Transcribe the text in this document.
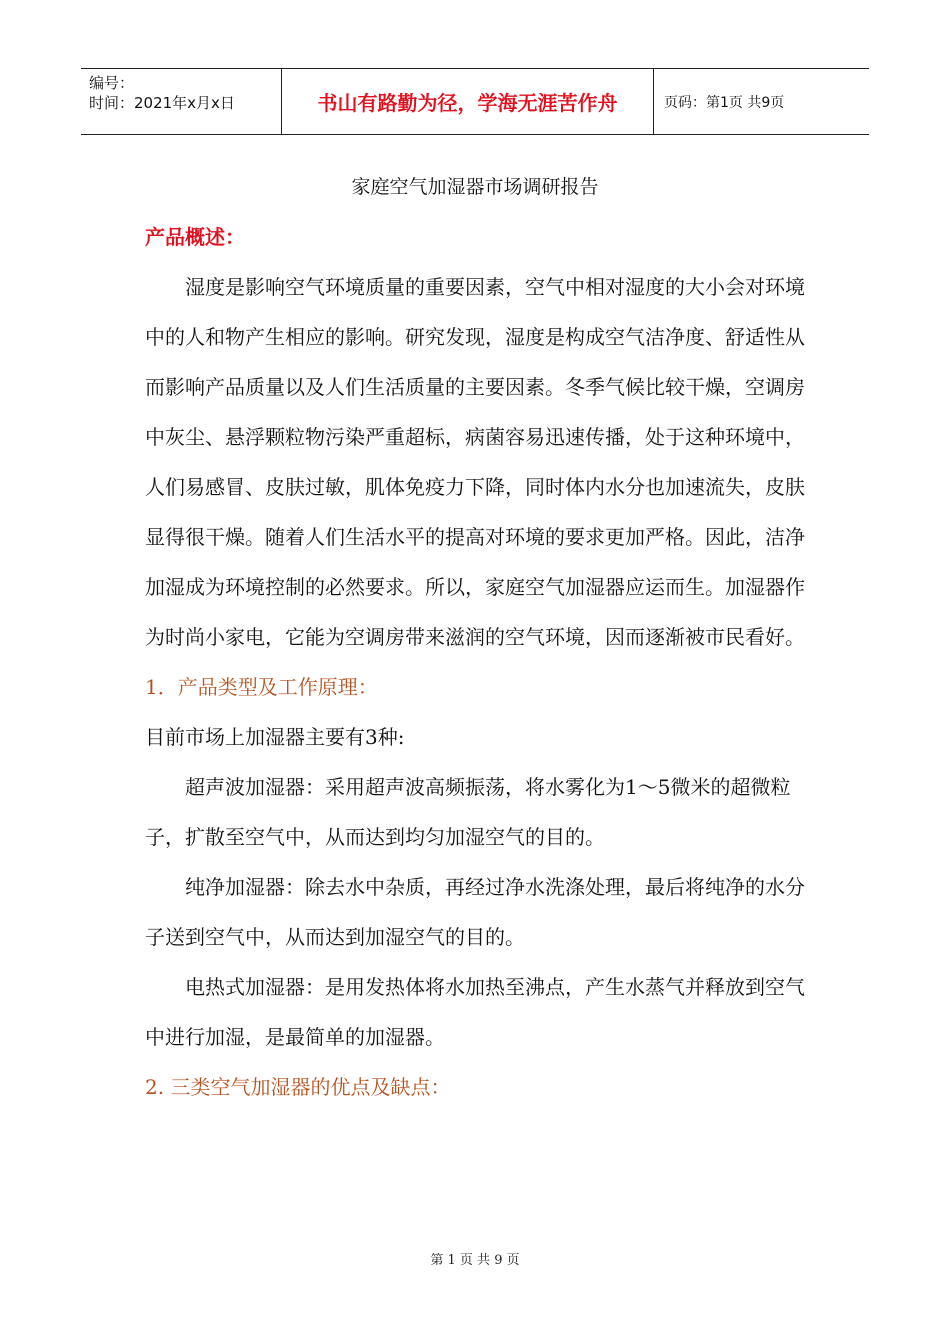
编号：
时间：2021年x月x日	书山有路勤为径，学海无涯苦作舟	页码：第1页 共9页
家庭空气加湿器市场调研报告
产品概述：

湿度是影响空气环境质量的重要因素，空气中相对湿度的大小会对环境中的人和物产生相应的影响。研究发现，湿度是构成空气洁净度、舒适性从而影响产品质量以及人们生活质量的主要因素。冬季气候比较干燥，空调房中灰尘、悬浮颗粒物污染严重超标，病菌容易迅速传播，处于这种环境中，人们易感冒、皮肤过敏，肌体免疫力下降，同时体内水分也加速流失，皮肤显得很干燥。随着人们生活水平的提高对环境的要求更加严格。因此，洁净加湿成为环境控制的必然要求。所以，家庭空气加湿器应运而生。加湿器作为时尚小家电，它能为空调房带来滋润的空气环境，因而逐渐被市民看好。

1．产品类型及工作原理：

目前市场上加湿器主要有3种:

超声波加湿器：采用超声波高频振荡，将水雾化为1～5微米的超微粒子，扩散至空气中，从而达到均匀加湿空气的目的。

纯净加湿器：除去水中杂质，再经过净水洗涤处理，最后将纯净的水分子送到空气中，从而达到加湿空气的目的。

电热式加湿器：是用发热体将水加热至沸点，产生水蒸气并释放到空气中进行加湿，是最简单的加湿器。

2. 三类空气加湿器的优点及缺点：
第 1 页 共 9 页
